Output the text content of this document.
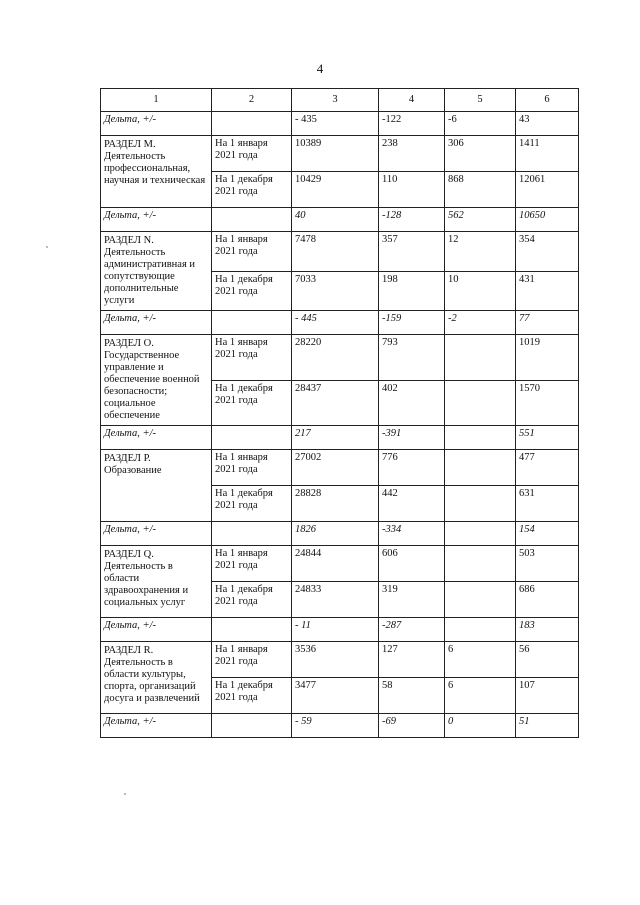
4
1	2	3	4	5	6
Дельта, +/-		- 435	-122	-6	43
РАЗДЕЛ М. Деятельность профессиональная, научная и техническая	На 1 января 2021 года	10389	238	306	1411
	На 1 декабря 2021 года	10429	110	868	12061
Дельта, +/-		40	-128	562	10650
РАЗДЕЛ N. Деятельность административная и сопутствующие дополнительные услуги	На 1 января 2021 года	7478	357	12	354
	На 1 декабря 2021 года	7033	198	10	431
Дельта, +/-		- 445	-159	-2	77
РАЗДЕЛ О. Государственное управление и обеспечение военной безопасности; социальное обеспечение	На 1 января 2021 года	28220	793		1019
	На 1 декабря 2021 года	28437	402		1570
Дельта, +/-		217	-391		551
РАЗДЕЛ Р. Образование	На 1 января 2021 года	27002	776		477
	На 1 декабря 2021 года	28828	442		631
Дельта, +/-		1826	-334		154
РАЗДЕЛ Q. Деятельность в области здравоохранения и социальных услуг	На 1 января 2021 года	24844	606		503
	На 1 декабря 2021 года	24833	319		686
Дельта, +/-		- 11	-287		183
РАЗДЕЛ R. Деятельность в области культуры, спорта, организаций досуга и развлечений	На 1 января 2021 года	3536	127	6	56
	На 1 декабря 2021 года	3477	58	6	107
Дельта, +/-		- 59	-69	0	51
